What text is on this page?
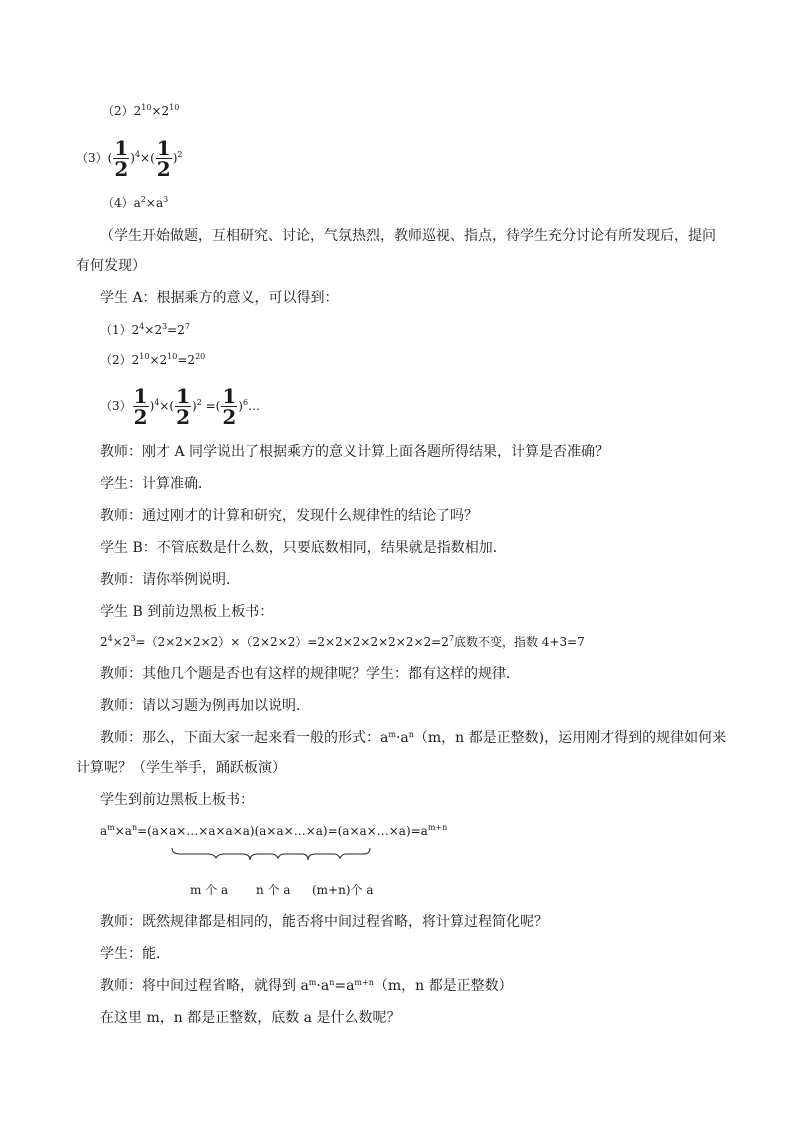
$(2)2^{10}\times 2^{10}$
$(3)( \frac{1}{2} )^4\times( \frac{1}{2} )^2$
$(4)a^2\times a^3$
（学生开始做题，互相研究、讨论，气氛热烈，教师巡视、指点，待学生充分讨论有所发现后，提问
有何发现）
学生 A：根据乘方的意义，可以得到：
$(1)2^4\times 2^3=2^7$
$(2)2^{10}\times 2^{10}=2^{20}$
$(3) \frac{1}{2} )^4\times( \frac{1}{2} )^2$ =( $\frac{1}{2}$ )$^6$…
教师：刚才 A 同学说出了根据乘方的意义计算上面各题所得结果，计算是否准确？
学生：计算准确．
教师：通过刚才的计算和研究，发现什么规律性的结论了吗？
学生 B：不管底数是什么数，只要底数相同，结果就是指数相加．
教师：请你举例说明．
学生 B 到前边黑板上板书：
$2^4\times 2^3=(2\times 2\times 2\times 2)\times(2\times 2\times 2)=2\times 2\times 2\times 2\times 2\times 2\times 2=2^7$底数不变，指数 4+3=7
教师：其他几个题是否也有这样的规律呢？学生：都有这样的规律．
教师：请以习题为例再加以说明．
教师：那么，下面大家一起来看一般的形式：$a^m\cdot a^n(m$，n 都是正整数)，运用刚才得到的规律如何来
计算呢？（学生举手，踊跃板演）
学生到前边黑板上板书：
$a^m\times a^n=(a\times a\times\dots\times a\times a\times a)(a\times a\times\dots\times a)=(a\times a\times\dots\times a)=a^{m+n}$
m 个 a n 个 a (m+n)个 a
教师：既然规律都是相同的，能否将中间过程省略，将计算过程简化呢？
学生：能．
教师：将中间过程省略，就得到 $a^m\cdot a^n=a^{m+n}(m$，n 都是正整数）
在这里 m，n 都是正整数，底数 a 是什么数呢？
